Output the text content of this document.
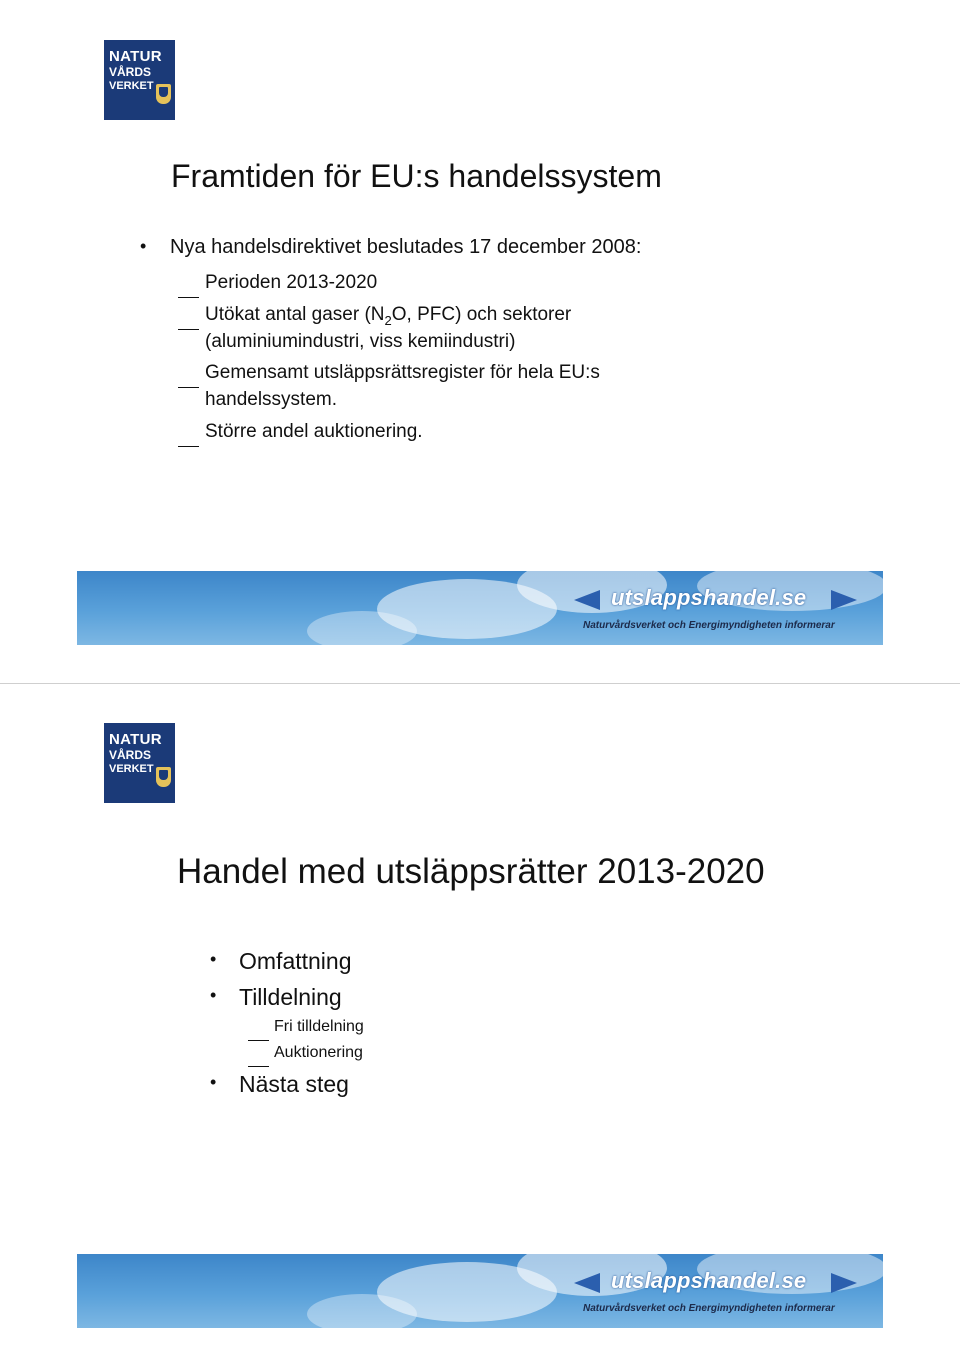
NATUR
VÅRDS
VERKET
Framtiden för EU:s handelssystem
• Nya handelsdirektivet beslutades 17 december 2008:
Perioden 2013-2020
Utökat antal gaser ($N_2O$, PFC) och sektorer
(aluminiumindustri, viss kemiindustri)
Gemensamt utsläppsrättsregister för hela EU:s
handelssystem.
Större andel auktionering.
utslappshandel.se
Naturvårdsverket och Energimyndigheten informerar
NATUR
VÅRDS
VERKET
Handel med utsläppsrätter 2013-2020
• Omfattning
• Tilldelning
Fri tilldelning
Auktionering
• Nästa steg
utslappshandel.se
Naturvårdsverket och Energimyndigheten informerar
